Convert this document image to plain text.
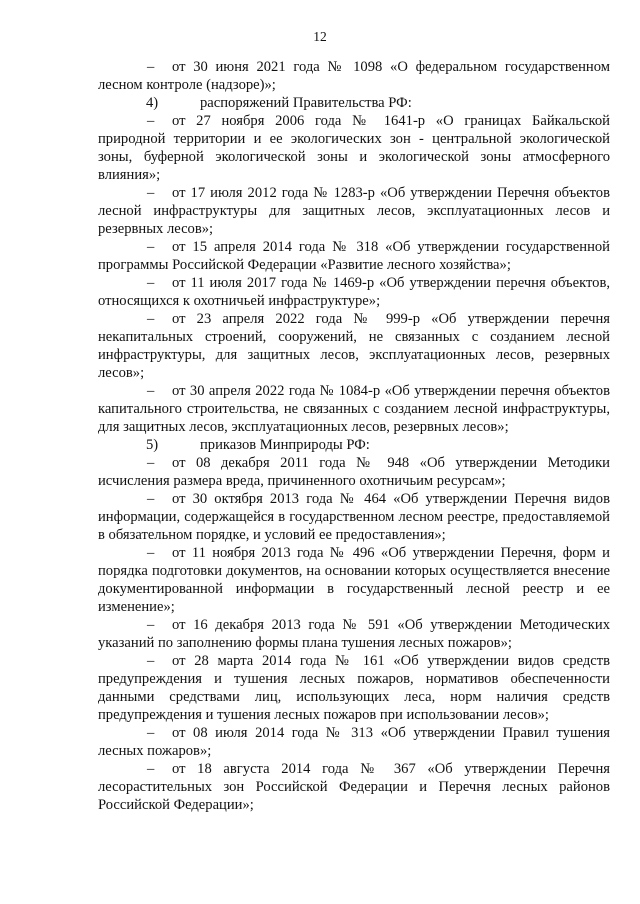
12

– от 30 июня 2021 года № 1098 «О федеральном государственном лесном контроле (надзоре)»;

4)	распоряжений Правительства РФ:

– от 27 ноября 2006 года № 1641-р «О границах Байкальской природной территории и ее экологических зон - центральной экологической зоны, буферной экологической зоны и экологической зоны атмосферного влияния»;

– от 17 июля 2012 года № 1283-р «Об утверждении Перечня объектов лесной инфраструктуры для защитных лесов, эксплуатационных лесов и резервных лесов»;

– от 15 апреля 2014 года № 318 «Об утверждении государственной программы Российской Федерации «Развитие лесного хозяйства»;

– от 11 июля 2017 года № 1469-р «Об утверждении перечня объектов, относящихся к охотничьей инфраструктуре»;

– от 23 апреля 2022 года № 999-р «Об утверждении перечня некапитальных строений, сооружений, не связанных с созданием лесной инфраструктуры, для защитных лесов, эксплуатационных лесов, резервных лесов»;

– от 30 апреля 2022 года № 1084-р «Об утверждении перечня объектов капитального строительства, не связанных с созданием лесной инфраструктуры, для защитных лесов, эксплуатационных лесов, резервных лесов»;

5)	приказов Минприроды РФ:

– от 08 декабря 2011 года № 948 «Об утверждении Методики исчисления размера вреда, причиненного охотничьим ресурсам»;

– от 30 октября 2013 года № 464 «Об утверждении Перечня видов информации, содержащейся в государственном лесном реестре, предоставляемой в обязательном порядке, и условий ее предоставления»;

– от 11 ноября 2013 года № 496 «Об утверждении Перечня, форм и порядка подготовки документов, на основании которых осуществляется внесение документированной информации в государственный лесной реестр и ее изменение»;

– от 16 декабря 2013 года № 591 «Об утверждении Методических указаний по заполнению формы плана тушения лесных пожаров»;

– от 28 марта 2014 года № 161 «Об утверждении видов средств предупреждения и тушения лесных пожаров, нормативов обеспеченности данными средствами лиц, использующих леса, норм наличия средств предупреждения и тушения лесных пожаров при использовании лесов»;

– от 08 июля 2014 года № 313 «Об утверждении Правил тушения лесных пожаров»;

– от 18 августа 2014 года № 367 «Об утверждении Перечня лесорастительных зон Российской Федерации и Перечня лесных районов Российской Федерации»;
